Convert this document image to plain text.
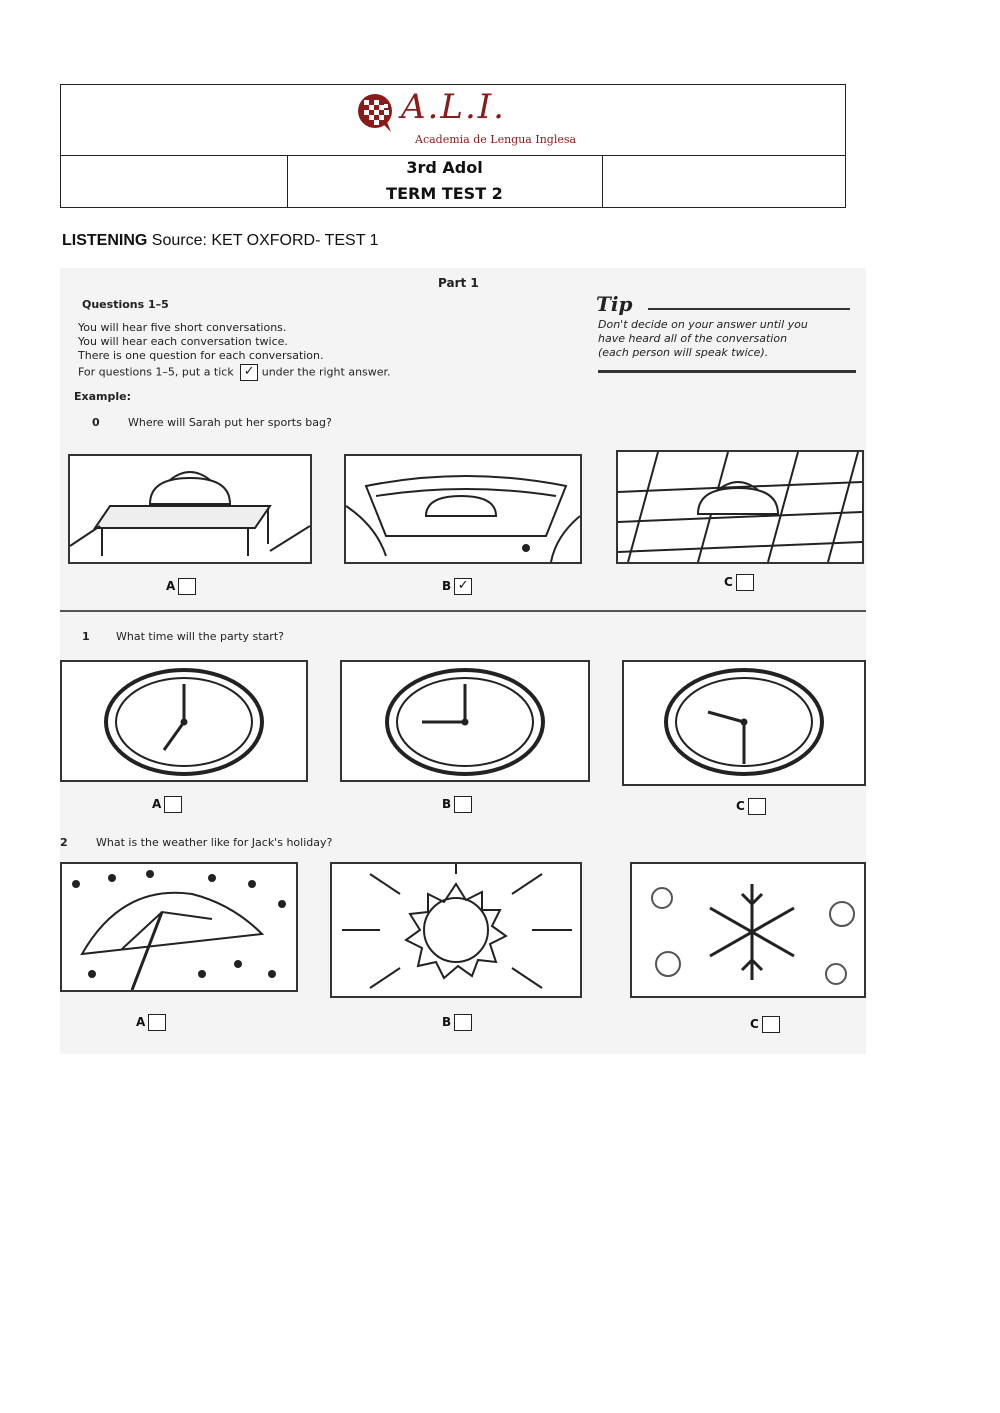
A.L.I.
Academia de Lengua Inglesa
3rd Adol
TERM TEST 2
LISTENING Source: KET OXFORD- TEST 1
Part 1
Questions 1–5
You will hear five short conversations.
You will hear each conversation twice.
There is one question for each conversation.
For questions 1–5, put a tick ✓ under the right answer.
Tip
Don't decide on your answer until you
have heard all of the conversation
(each person will speak twice).
Example:
0	Where will Sarah put her sports bag?
A	B ✓	C
1 What time will the party start?
A	B	C
2	What is the weather like for Jack's holiday?
A	B	C
